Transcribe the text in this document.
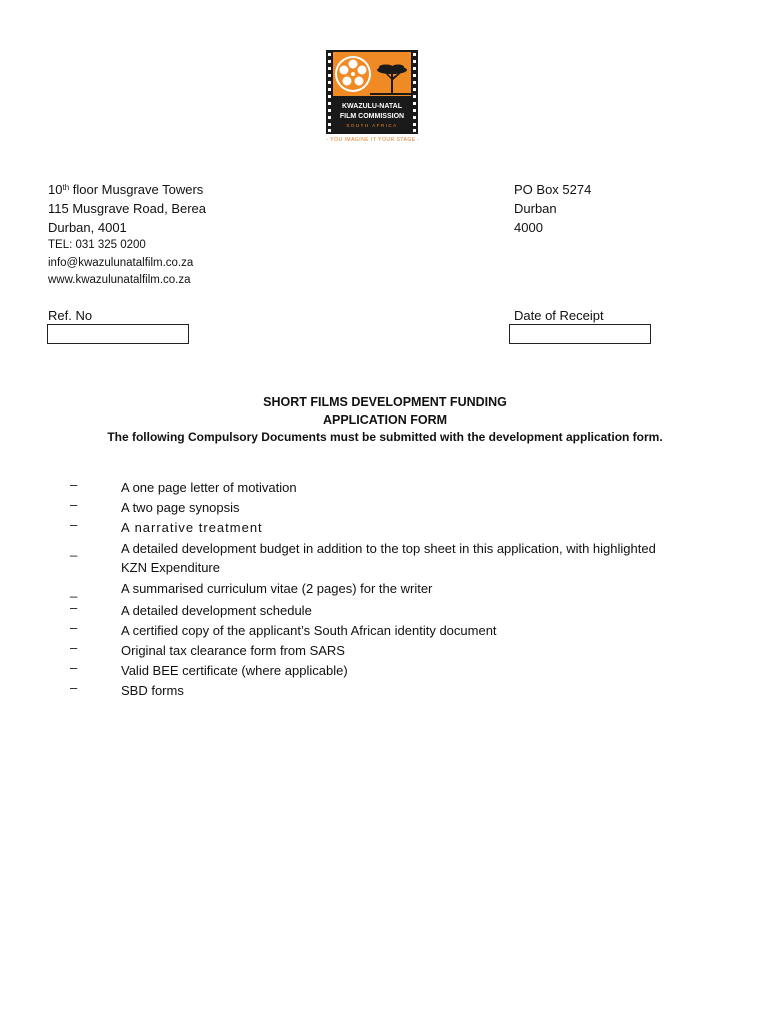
KWAZULU-NATAL
FILM COMMISSION
SOUTH AFRICA
- YOU IMAGINE IT YOUR STAGE -
10th floor Musgrave Towers
115 Musgrave Road, Berea
Durban, 4001
TEL: 031 325 0200
info@kwazulunatalfilm.co.za
www.kwazulunatalfilm.co.za
PO Box 5274
Durban
4000
Ref. No	Date of Receipt
SHORT FILMS DEVELOPMENT FUNDING
APPLICATION FORM
The following Compulsory Documents must be submitted with the development application form.
–	A one page letter of motivation
–	A two page synopsis
–	A narrative treatment
_	A detailed development budget in addition to the top sheet in this application, with highlighted
KZN Expenditure
_	A summarised curriculum vitae (2 pages) for the writer
–	A detailed development schedule
–	A certified copy of the applicant’s South African identity document
–	Original tax clearance form from SARS
–	Valid BEE certificate (where applicable)
–	SBD forms
